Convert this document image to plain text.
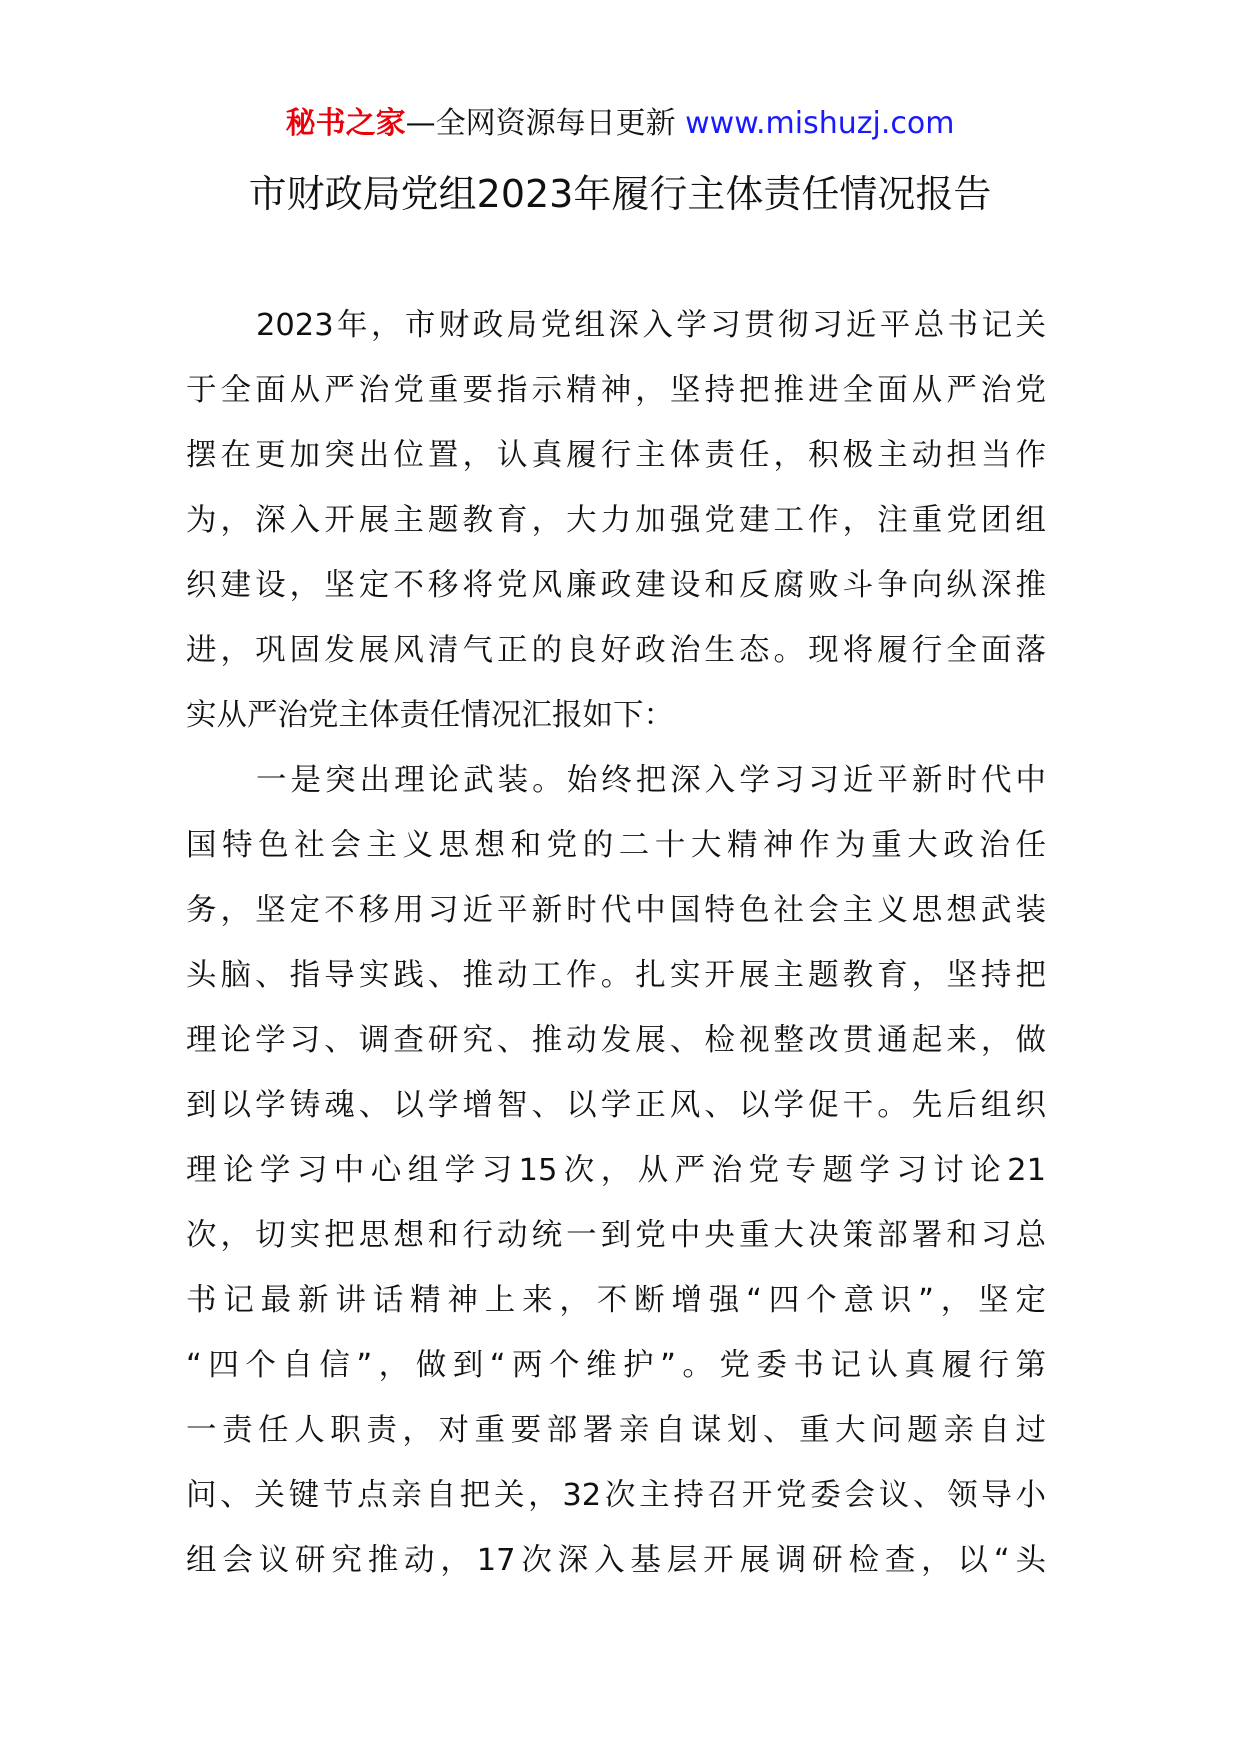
秘书之家—全网资源每日更新 www.mishuzj.com
市财政局党组2023年履行主体责任情况报告
2023年，市财政局党组深入学习贯彻习近平总书记关
于全面从严治党重要指示精神，坚持把推进全面从严治党
摆在更加突出位置，认真履行主体责任，积极主动担当作
为，深入开展主题教育，大力加强党建工作，注重党团组
织建设，坚定不移将党风廉政建设和反腐败斗争向纵深推
进，巩固发展风清气正的良好政治生态。现将履行全面落
实从严治党主体责任情况汇报如下：
一是突出理论武装。始终把深入学习习近平新时代中
国特色社会主义思想和党的二十大精神作为重大政治任
务，坚定不移用习近平新时代中国特色社会主义思想武装
头脑、指导实践、推动工作。扎实开展主题教育，坚持把
理论学习、调查研究、推动发展、检视整改贯通起来，做
到以学铸魂、以学增智、以学正风、以学促干。先后组织
理论学习中心组学习15次，从严治党专题学习讨论21
次，切实把思想和行动统一到党中央重大决策部署和习总
书记最新讲话精神上来，不断增强“四个意识”，坚定
“四个自信”，做到“两个维护”。党委书记认真履行第
一责任人职责，对重要部署亲自谋划、重大问题亲自过
问、关键节点亲自把关，32次主持召开党委会议、领导小
组会议研究推动，17次深入基层开展调研检查，以“头
